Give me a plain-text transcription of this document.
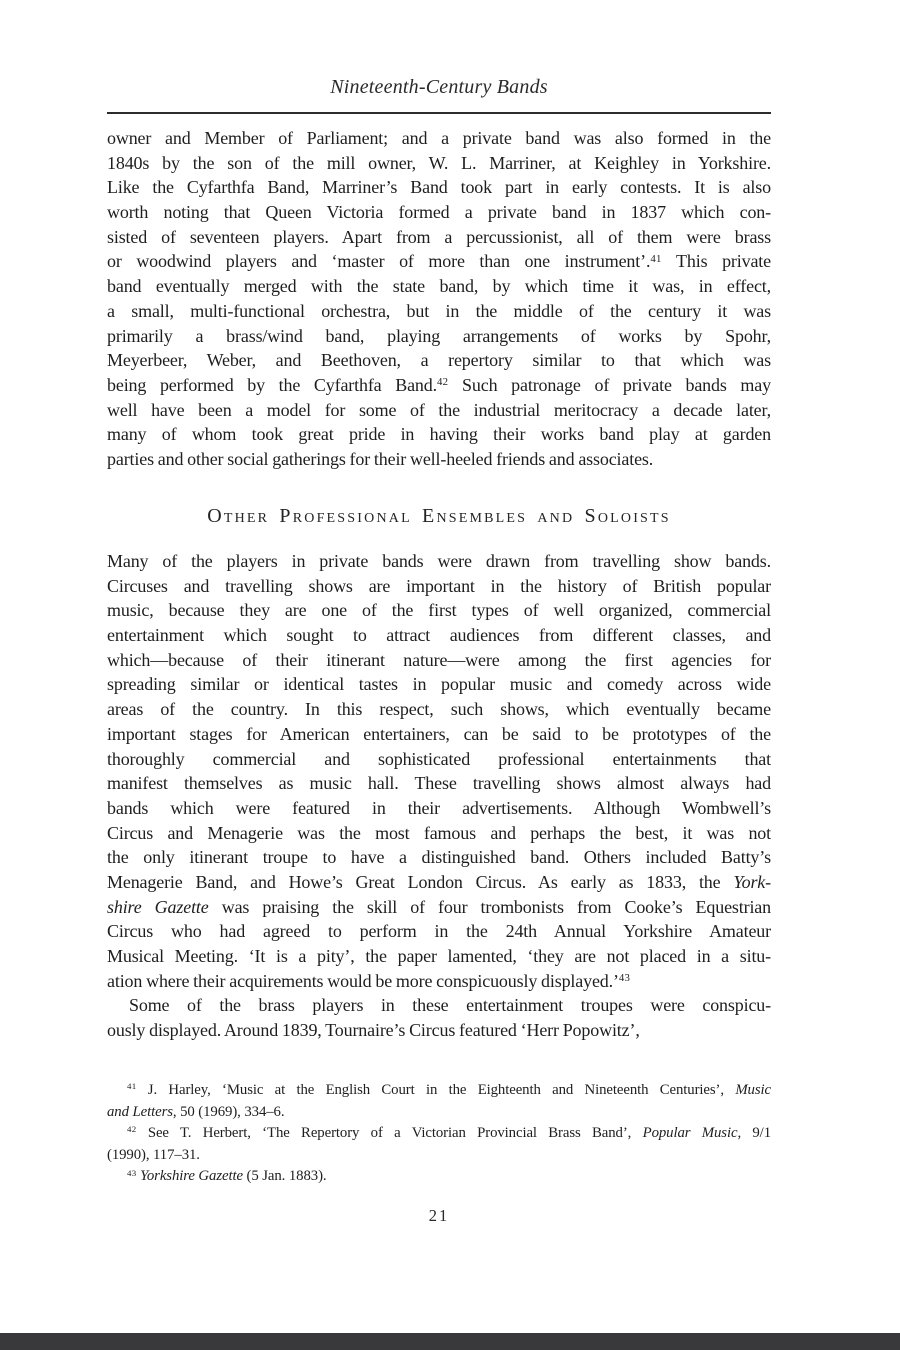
Nineteenth-Century Bands
owner and Member of Parliament; and a private band was also formed in the
1840s by the son of the mill owner, W. L. Marriner, at Keighley in Yorkshire.
Like the Cyfarthfa Band, Marriner’s Band took part in early contests. It is also
worth noting that Queen Victoria formed a private band in 1837 which con-
sisted of seventeen players. Apart from a percussionist, all of them were brass
or woodwind players and ‘master of more than one instrument’.$^{41}$ This private
band eventually merged with the state band, by which time it was, in effect,
a small, multi-functional orchestra, but in the middle of the century it was
primarily a brass/wind band, playing arrangements of works by Spohr,
Meyerbeer, Weber, and Beethoven, a repertory similar to that which was
being performed by the Cyfarthfa Band.$^{42}$ Such patronage of private bands may
well have been a model for some of the industrial meritocracy a decade later,
many of whom took great pride in having their works band play at garden
parties and other social gatherings for their well-heeled friends and associates.
Other Professional Ensembles and Soloists
Many of the players in private bands were drawn from travelling show bands.
Circuses and travelling shows are important in the history of British popular
music, because they are one of the first types of well organized, commercial
entertainment which sought to attract audiences from different classes, and
which—because of their itinerant nature—were among the first agencies for
spreading similar or identical tastes in popular music and comedy across wide
areas of the country. In this respect, such shows, which eventually became
important stages for American entertainers, can be said to be prototypes of the
thoroughly commercial and sophisticated professional entertainments that
manifest themselves as music hall. These travelling shows almost always had
bands which were featured in their advertisements. Although Wombwell’s
Circus and Menagerie was the most famous and perhaps the best, it was not
the only itinerant troupe to have a distinguished band. Others included Batty’s
Menagerie Band, and Howe’s Great London Circus. As early as 1833, the York-
shire Gazette was praising the skill of four trombonists from Cooke’s Equestrian
Circus who had agreed to perform in the 24th Annual Yorkshire Amateur
Musical Meeting. ‘It is a pity’, the paper lamented, ‘they are not placed in a situ-
ation where their acquirements would be more conspicuously displayed.’$^{43}$
Some of the brass players in these entertainment troupes were conspicu-
ously displayed. Around 1839, Tournaire’s Circus featured ‘Herr Popowitz’,
$^{41}$ J. Harley, ‘Music at the English Court in the Eighteenth and Nineteenth Centuries’, Music
and Letters, 50 (1969), 334–6.
$^{42}$ See T. Herbert, ‘The Repertory of a Victorian Provincial Brass Band’, Popular Music, 9/1
(1990), 117–31.
$^{43}$ Yorkshire Gazette (5 Jan. 1883).
21
